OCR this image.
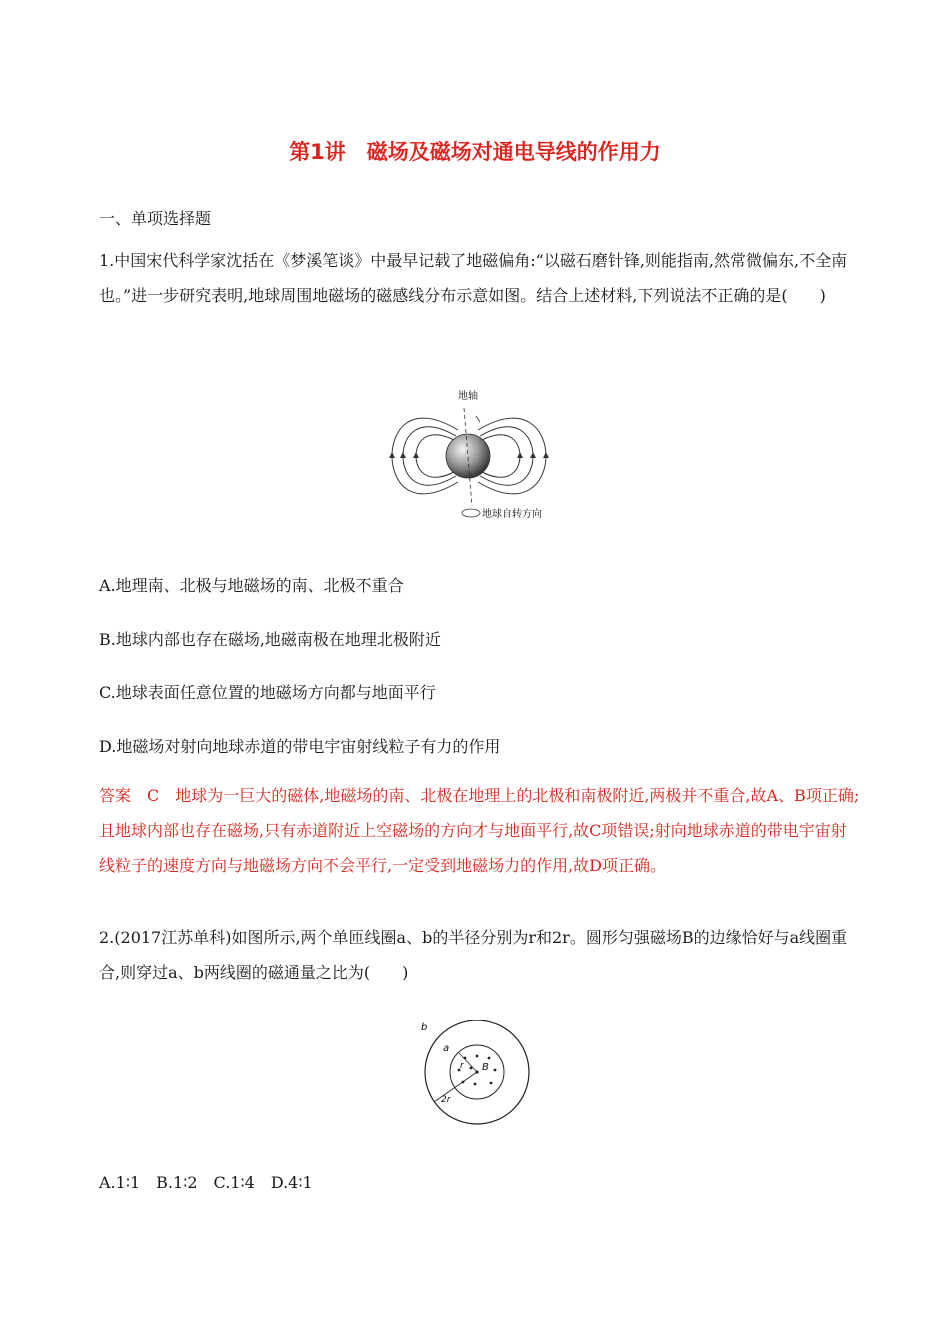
第1讲　磁场及磁场对通电导线的作用力
一、单项选择题
1.中国宋代科学家沈括在《梦溪笔谈》中最早记载了地磁偏角:“以磁石磨针锋,则能指南,然常微偏东,不全南也。”进一步研究表明,地球周围地磁场的磁感线分布示意如图。结合上述材料,下列说法不正确的是(　　)
地轴
地球自转方向
A.地理南、北极与地磁场的南、北极不重合
B.地球内部也存在磁场,地磁南极在地理北极附近
C.地球表面任意位置的地磁场方向都与地面平行
D.地磁场对射向地球赤道的带电宇宙射线粒子有力的作用
答案　C　地球为一巨大的磁体,地磁场的南、北极在地理上的北极和南极附近,两极并不重合,故A、B项正确;且地球内部也存在磁场,只有赤道附近上空磁场的方向才与地面平行,故C项错误;射向地球赤道的带电宇宙射线粒子的速度方向与地磁场方向不会平行,一定受到地磁场力的作用,故D项正确。
2.(2017江苏单科)如图所示,两个单匝线圈a、b的半径分别为r和2r。圆形匀强磁场B的边缘恰好与a线圈重合,则穿过a、b两线圈的磁通量之比为(　　)
b
a
r B
2r
A.1∶1　B.1∶2　C.1∶4　D.4∶1
